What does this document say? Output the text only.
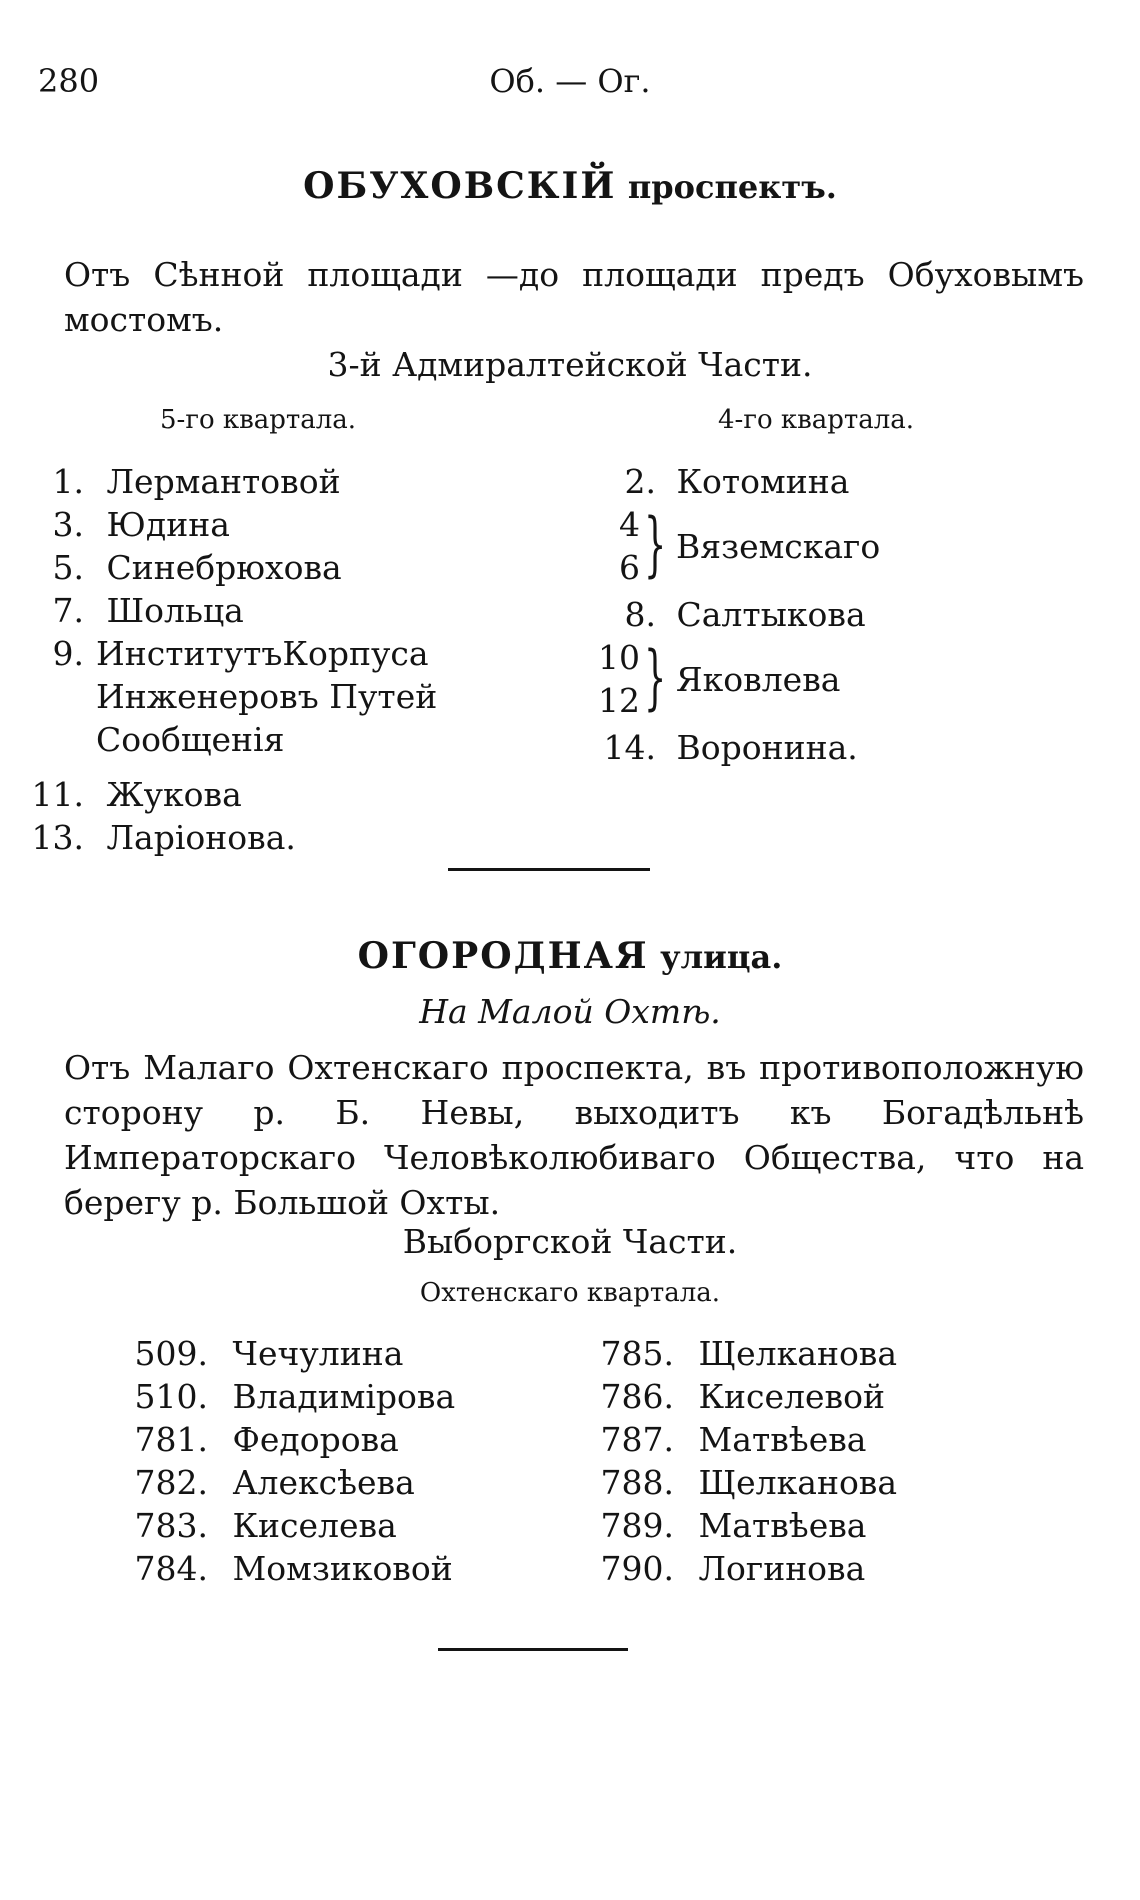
280	Об. — Ог.
ОБУХОВСКІЙ проспектъ.
Отъ Сѣнной площади —до площади предъ Обуховымъ мостомъ.
3-й Адмиралтейской Части.
5-го квартала.	4-го квартала.
1. Лермантовой
3. Юдина
5. Синебрюхова
7. Шольца
9. ИнститутъКорпуса Инженеровъ Путей Сообщенія
11. Жукова
13. Ларіонова.
2. Котомина
4
6 } Вяземскаго
8. Салтыкова
10
12 } Яковлева
14. Воронина.
ОГОРОДНАЯ улица.
На Малой Охтѣ.
Отъ Малаго Охтенскаго проспекта, въ противоположную сторону р. Б. Невы, выходитъ къ Богадѣльнѣ Императорскаго Человѣколюбиваго Общества, что на берегу р. Большой Охты.
Выборгской Части.
Охтенскаго квартала.
509. Чечулина
510. Владимірова
781. Федорова
782. Алексѣева
783. Киселева
784. Момзиковой
785. Щелканова
786. Киселевой
787. Матвѣева
788. Щелканова
789. Матвѣева
790. Логинова
